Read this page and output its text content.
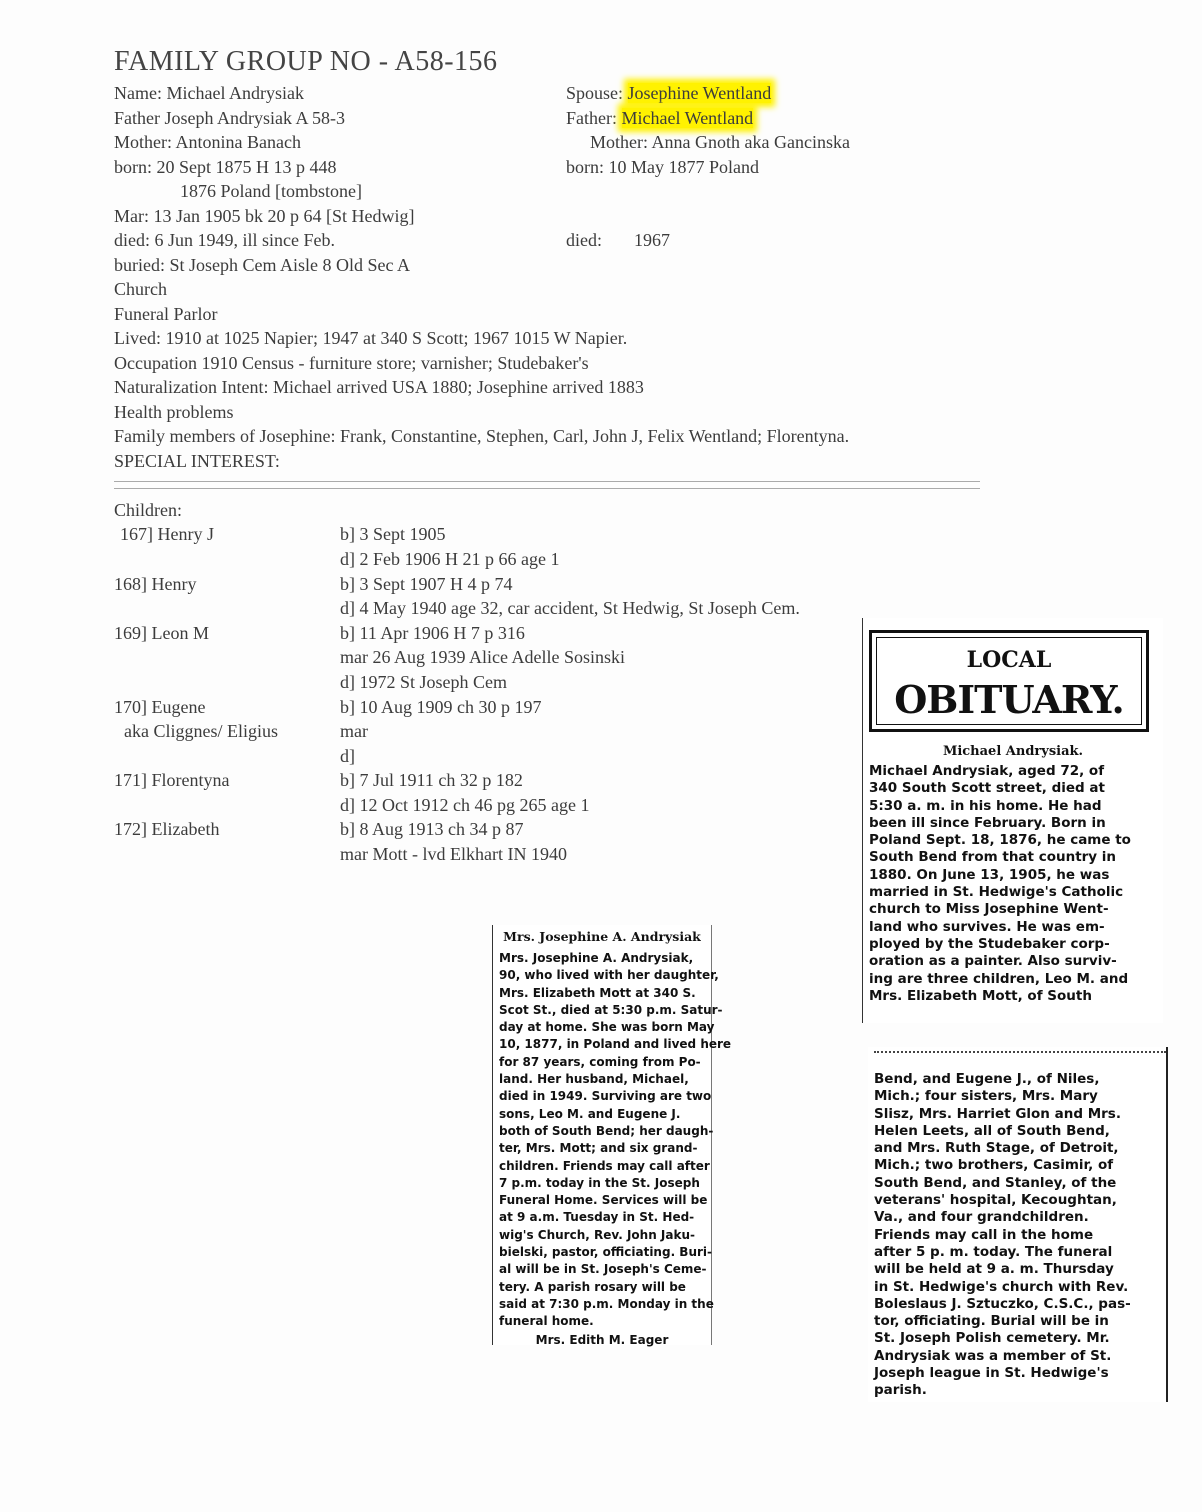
FAMILY GROUP NO - A58-156
Name: Michael Andrysiak
Father Joseph Andrysiak A 58-3
Mother: Antonina Banach
born: 20 Sept 1875 H 13 p 448
1876 Poland [tombstone]
Mar: 13 Jan 1905 bk 20 p 64 [St Hedwig]
died: 6 Jun 1949, ill since Feb.
buried: St Joseph Cem Aisle 8 Old Sec A
Church
Funeral Parlor
Spouse: Josephine Wentland
Father: Michael Wentland
Mother: Anna Gnoth aka Gancinska
born: 10 May 1877 Poland
died: 1967
Lived: 1910 at 1025 Napier; 1947 at 340 S Scott; 1967 1015 W Napier.
Occupation 1910 Census - furniture store; varnisher; Studebaker's
Naturalization Intent: Michael arrived USA 1880; Josephine arrived 1883
Health problems
Family members of Josephine: Frank, Constantine, Stephen, Carl, John J, Felix Wentland; Florentyna.
SPECIAL INTEREST:
Children:
167] Henry J
168] Henry
169] Leon M
170] Eugene
aka Cliggnes/ Eligius
171] Florentyna
172] Elizabeth
b] 3 Sept 1905
d] 2 Feb 1906 H 21 p 66 age 1
b] 3 Sept 1907 H 4 p 74
d] 4 May 1940 age 32, car accident, St Hedwig, St Joseph Cem.
b] 11 Apr 1906 H 7 p 316
mar 26 Aug 1939 Alice Adelle Sosinski
d] 1972 St Joseph Cem
b] 10 Aug 1909 ch 30 p 197
mar
d]
b] 7 Jul 1911 ch 32 p 182
d] 12 Oct 1912 ch 46 pg 265 age 1
b] 8 Aug 1913 ch 34 p 87
mar Mott - lvd Elkhart IN 1940
Mrs. Josephine A. Andrysiak
Mrs. Josephine A. Andrysiak,
90, who lived with her daughter,
Mrs. Elizabeth Mott at 340 S.
Scot St., died at 5:30 p.m. Satur-
day at home. She was born May
10, 1877, in Poland and lived here
for 87 years, coming from Po-
land. Her husband, Michael,
died in 1949. Surviving are two
sons, Leo M. and Eugene J.
both of South Bend; her daugh-
ter, Mrs. Mott; and six grand-
children. Friends may call after
7 p.m. today in the St. Joseph
Funeral Home. Services will be
at 9 a.m. Tuesday in St. Hed-
wig's Church, Rev. John Jaku-
bielski, pastor, officiating. Buri-
al will be in St. Joseph's Ceme-
tery. A parish rosary will be
said at 7:30 p.m. Monday in the
funeral home.
Mrs. Edith M. Eager
LOCAL
OBITUARY.
Michael Andrysiak.
Michael Andrysiak, aged 72, of
340 South Scott street, died at
5:30 a. m. in his home. He had
been ill since February. Born in
Poland Sept. 18, 1876, he came to
South Bend from that country in
1880. On June 13, 1905, he was
married in St. Hedwige's Catholic
church to Miss Josephine Went-
land who survives. He was em-
ployed by the Studebaker corp-
oration as a painter. Also surviv-
ing are three children, Leo M. and
Mrs. Elizabeth Mott, of South
Bend, and Eugene J., of Niles,
Mich.; four sisters, Mrs. Mary
Slisz, Mrs. Harriet Glon and Mrs.
Helen Leets, all of South Bend,
and Mrs. Ruth Stage, of Detroit,
Mich.; two brothers, Casimir, of
South Bend, and Stanley, of the
veterans' hospital, Kecoughtan,
Va., and four grandchildren.
Friends may call in the home
after 5 p. m. today. The funeral
will be held at 9 a. m. Thursday
in St. Hedwige's church with Rev.
Boleslaus J. Sztuczko, C.S.C., pas-
tor, officiating. Burial will be in
St. Joseph Polish cemetery. Mr.
Andrysiak was a member of St.
Joseph league in St. Hedwige's
parish.
